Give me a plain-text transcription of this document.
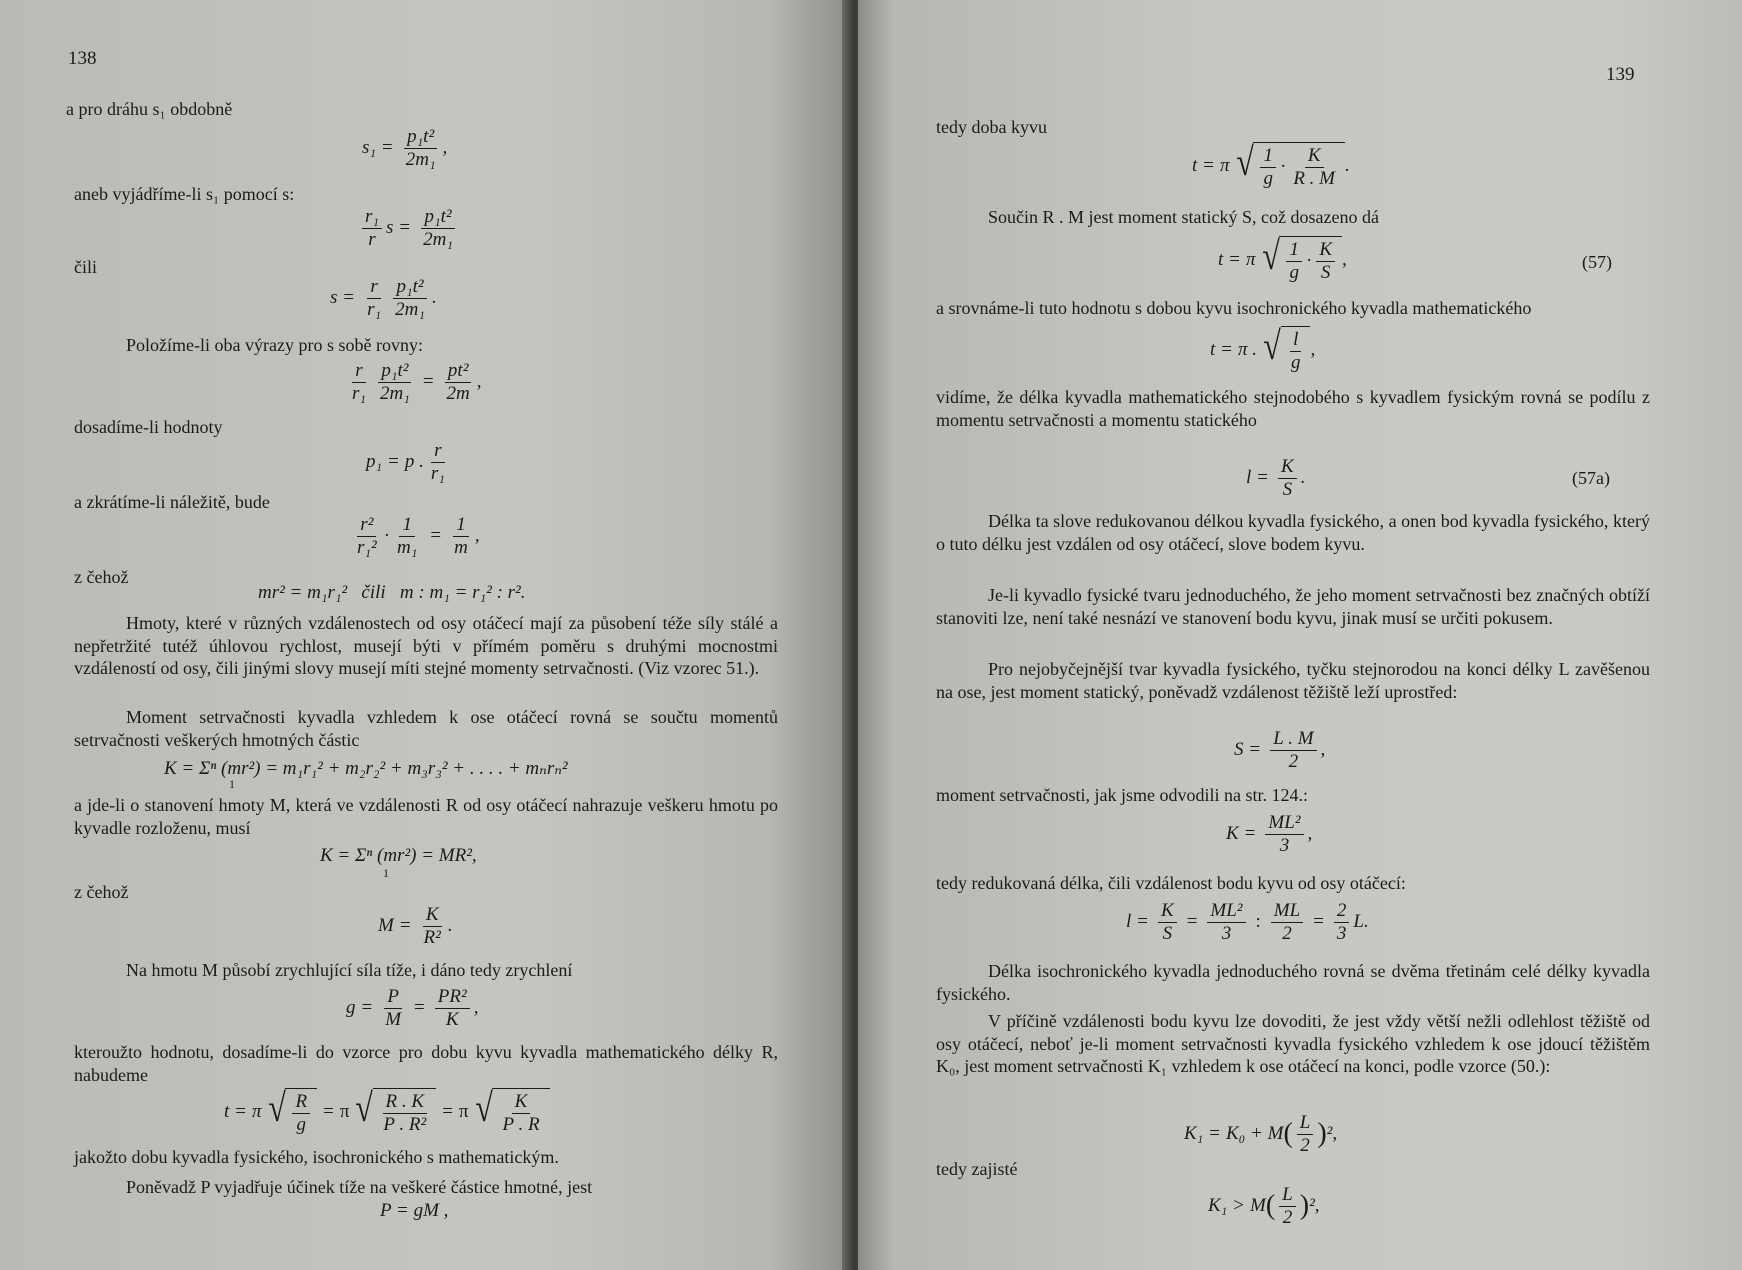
138
a pro dráhu s₁ obdobně
$s_1 = \frac{\text{p₁t²}}{\text{2m₁}}$ ,
aneb vyjádříme-li s₁ pomocí s:
$\frac{\text{r₁}}{r}$ $s = \frac{\text{p₁t²}}{\text{2m₁}}$
čili
$s = \frac{r}{\text{r₁}} \frac{\text{p₁t²}}{\text{2m₁}}$ .
Položíme-li oba výrazy pro s sobě rovny:
$\frac{r}{\text{r₁}} \frac{\text{p₁t²}}{\text{2m₁}} = \frac{\text{pt²}}{2m}$ ,
dosadíme-li hodnoty
p₁ = p . $\frac{r}{\text{r₁}}$
a zkrátíme-li náležitě, bude
$\frac{\text{r²}}{\text{r₁²}} \cdot \frac{1}{\text{m₁}} = \frac{1}{m}$ ,
z čehož
mr² = m₁r₁²   čili   m : m₁ = r₁² : r².
Hmoty, které v různých vzdálenostech od osy otáčecí mají za působení téže síly stálé a nepřetržité tutéž úhlovou rychlost, musejí býti v přímém poměru s druhými mocnostmi vzdáleností od osy, čili jinými slovy musejí míti stejné momenty setrvačnosti. (Viz vzorec 51.).
Moment setrvačnosti kyvadla vzhledem k ose otáčecí rovná se součtu momentů setrvačnosti veškerých hmotných částic
K = Σⁿ (mr²) = m₁r₁² + m₂r₂² + m₃r₃² + . . . . + mₙrₙ²
1
a jde-li o stanovení hmoty M, která ve vzdálenosti R od osy otáčecí nahrazuje veškeru hmotu po kyvadle rozloženu, musí
K = Σⁿ (mr²) = MR²,
1
z čehož
$M = \frac{K}{\text{R²}}$ .
Na hmotu M působí zrychlující síla tíže, i dáno tedy zrychlení
$g = \frac{P}{M} = \frac{\text{PR²}}{K}$ ,
kteroužto hodnotu, dosadíme-li do vzorce pro dobu kyvu kyvadla mathematického délky R, nabudeme
t = π √ $\frac{R}{g} = \pi$ √ $\frac{R . K}{\text{P . R²}} = \pi$ √ $\frac{K}{P . R}$
jakožto dobu kyvadla fysického, isochronického s mathematickým.
Poněvadž P vyjadřuje účinek tíže na veškeré částice hmotné, jest
P = gM ,
139
tedy doba kyvu
t = π √ $\frac{1}{g} \cdot \frac{K}{R . M}$ .
Součin R . M jest moment statický S, což dosazeno dá
t = π √ $\frac{1}{g} \cdot \frac{K}{S}$ ,	(57)
a srovnáme-li tuto hodnotu s dobou kyvu isochronického kyvadla mathematického
t = π . √ $\frac{l}{g}$ ,
vidíme, že délka kyvadla mathematického stejnodobého s kyvadlem fysickým rovná se podílu z momentu setrvačnosti a momentu statického
$l = \frac{K}{S}$ .	(57a)
Délka ta slove redukovanou délkou kyvadla fysického, a onen bod kyvadla fysického, který o tuto délku jest vzdálen od osy otáčecí, slove bodem kyvu.
Je-li kyvadlo fysické tvaru jednoduchého, že jeho moment setrvačnosti bez značných obtíží stanoviti lze, není také nesnází ve stanovení bodu kyvu, jinak musí se určiti pokusem.
Pro nejobyčejnější tvar kyvadla fysického, tyčku stejnorodou na konci délky L zavěšenou na ose, jest moment statický, poněvadž vzdálenost těžiště leží uprostřed:
$S = \frac{L . M}{2}$ ,
moment setrvačnosti, jak jsme odvodili na str. 124.:
$K = \frac{\text{ML²}}{3}$ ,
tedy redukovaná délka, čili vzdálenost bodu kyvu od osy otáčecí:
$l = \frac{K}{S} = \frac{\text{ML²}}{3}$ : $\frac{ML}{2} = \frac{2}{3} L$.
Délka isochronického kyvadla jednoduchého rovná se dvěma třetinám celé délky kyvadla fysického.
V příčině vzdálenosti bodu kyvu lze dovoditi, že jest vždy větší nežli odlehlost těžiště od osy otáčecí, neboť je-li moment setrvačnosti kyvadla fysického vzhledem k ose jdoucí těžištěm K₀, jest moment setrvačnosti K₁ vzhledem k ose otáčecí na konci, podle vzorce (50.):
K₁ = K₀ + M ( $\frac{L}{2}$ ) ²,
tedy zajisté
K₁ > M ( $\frac{L}{2}$ ) ²,
